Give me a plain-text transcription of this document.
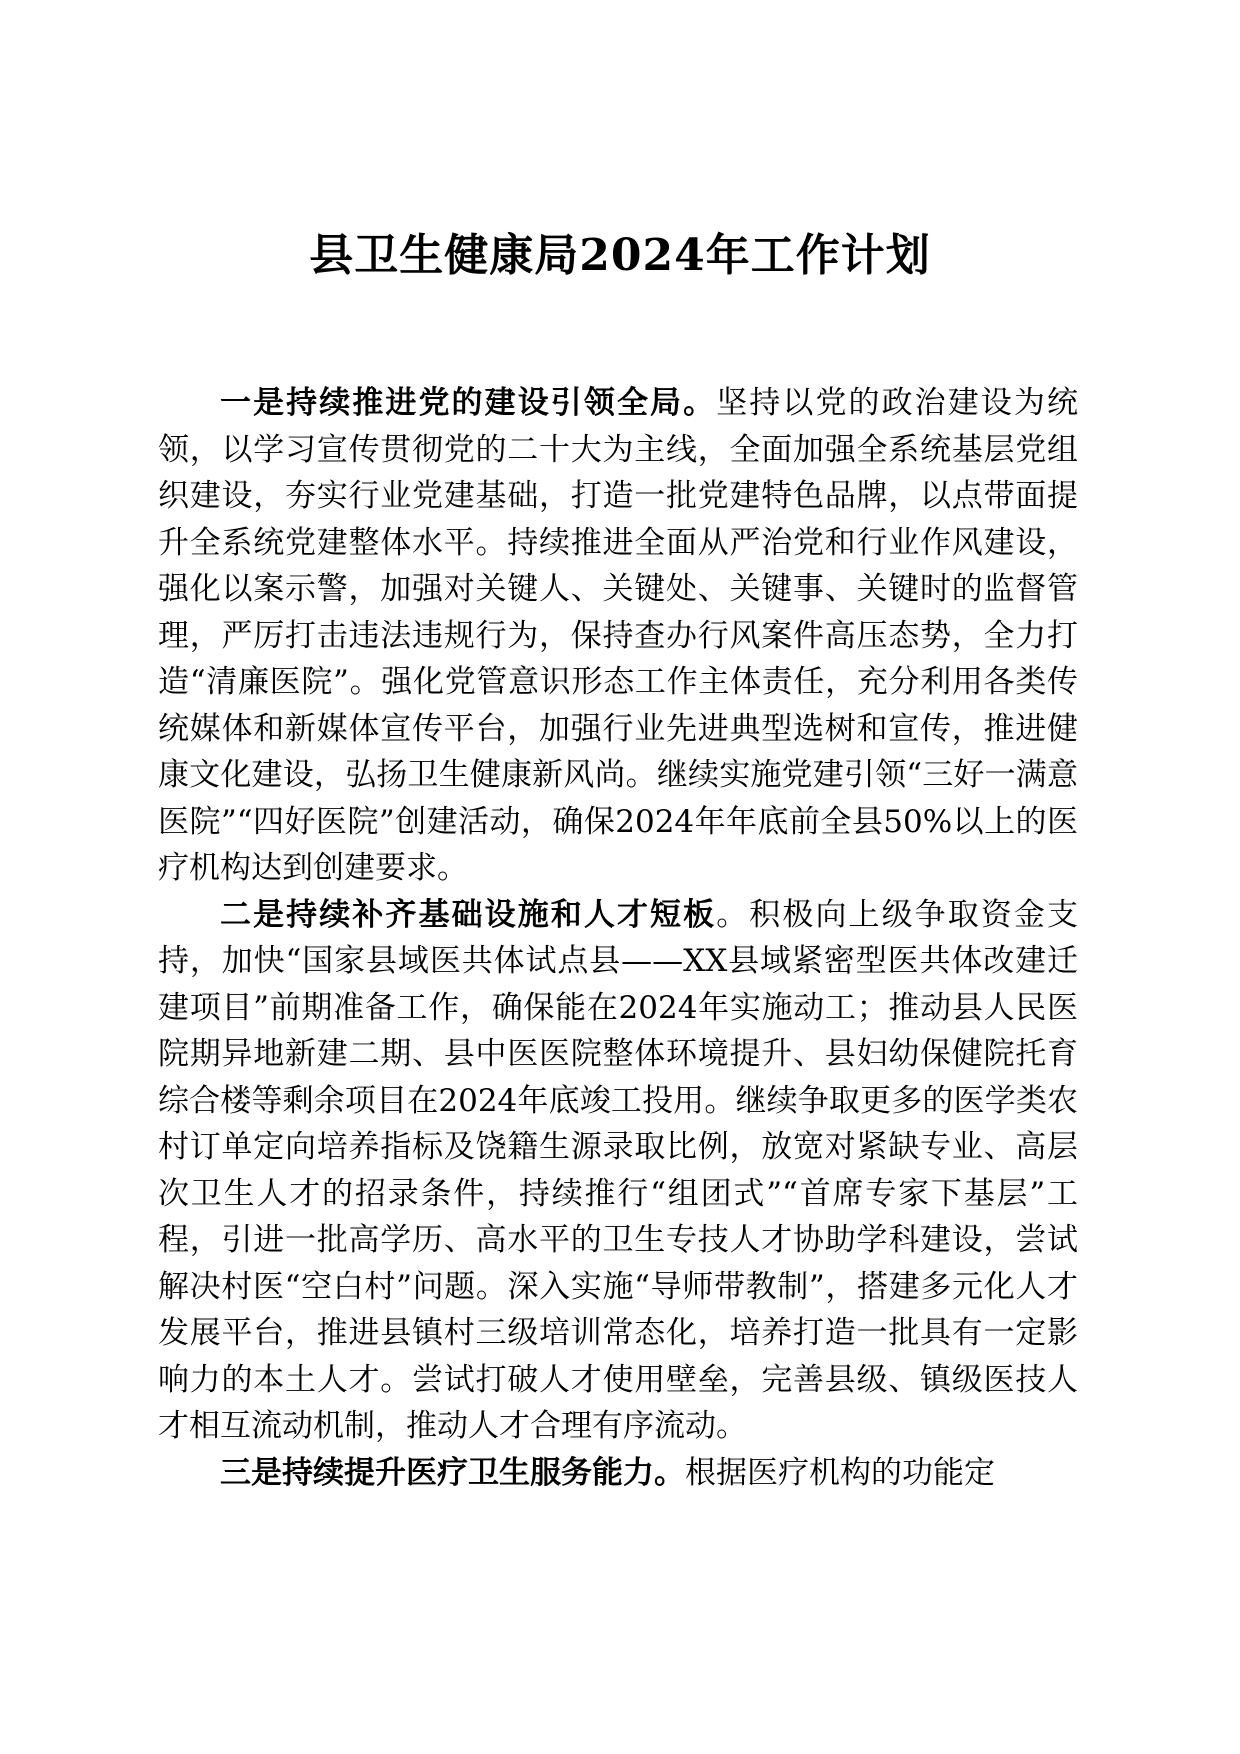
县卫生健康局2024年工作计划

一是持续推进党的建设引领全局。坚持以党的政治建设为统领，以学习宣传贯彻党的二十大为主线，全面加强全系统基层党组织建设，夯实行业党建基础，打造一批党建特色品牌，以点带面提升全系统党建整体水平。持续推进全面从严治党和行业作风建设，强化以案示警，加强对关键人、关键处、关键事、关键时的监督管理，严厉打击违法违规行为，保持查办行风案件高压态势，全力打造“清廉医院”。强化党管意识形态工作主体责任，充分利用各类传统媒体和新媒体宣传平台，加强行业先进典型选树和宣传，推进健康文化建设，弘扬卫生健康新风尚。继续实施党建引领“三好一满意医院”“四好医院”创建活动，确保2024年年底前全县50%以上的医疗机构达到创建要求。

二是持续补齐基础设施和人才短板。积极向上级争取资金支持，加快“国家县域医共体试点县——XX县域紧密型医共体改建迁建项目”前期准备工作，确保能在2024年实施动工；推动县人民医院期异地新建二期、县中医医院整体环境提升、县妇幼保健院托育综合楼等剩余项目在2024年底竣工投用。继续争取更多的医学类农村订单定向培养指标及饶籍生源录取比例，放宽对紧缺专业、高层次卫生人才的招录条件，持续推行“组团式”“首席专家下基层”工程，引进一批高学历、高水平的卫生专技人才协助学科建设，尝试解决村医“空白村”问题。深入实施“导师带教制”，搭建多元化人才发展平台，推进县镇村三级培训常态化，培养打造一批具有一定影响力的本土人才。尝试打破人才使用壁垒，完善县级、镇级医技人才相互流动机制，推动人才合理有序流动。

三是持续提升医疗卫生服务能力。根据医疗机构的功能定
